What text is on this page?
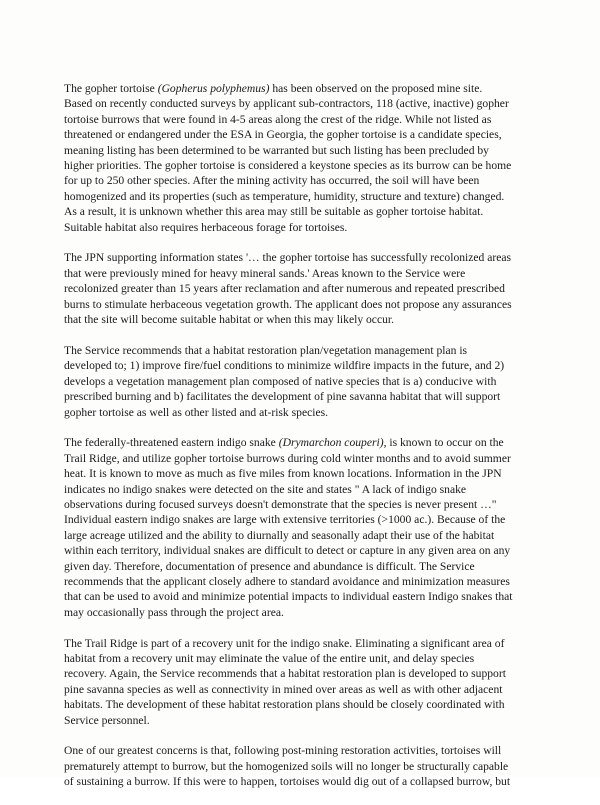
The gopher tortoise (Gopherus polyphemus) has been observed on the proposed mine site.
Based on recently conducted surveys by applicant sub-contractors, 118 (active, inactive) gopher
tortoise burrows that were found in 4-5 areas along the crest of the ridge. While not listed as
threatened or endangered under the ESA in Georgia, the gopher tortoise is a candidate species,
meaning listing has been determined to be warranted but such listing has been precluded by
higher priorities. The gopher tortoise is considered a keystone species as its burrow can be home
for up to 250 other species. After the mining activity has occurred, the soil will have been
homogenized and its properties (such as temperature, humidity, structure and texture) changed.
As a result, it is unknown whether this area may still be suitable as gopher tortoise habitat.
Suitable habitat also requires herbaceous forage for tortoises.

The JPN supporting information states '… the gopher tortoise has successfully recolonized areas
that were previously mined for heavy mineral sands.' Areas known to the Service were
recolonized greater than 15 years after reclamation and after numerous and repeated prescribed
burns to stimulate herbaceous vegetation growth. The applicant does not propose any assurances
that the site will become suitable habitat or when this may likely occur.

The Service recommends that a habitat restoration plan/vegetation management plan is
developed to; 1) improve fire/fuel conditions to minimize wildfire impacts in the future, and 2)
develops a vegetation management plan composed of native species that is a) conducive with
prescribed burning and b) facilitates the development of pine savanna habitat that will support
gopher tortoise as well as other listed and at-risk species.

The federally-threatened eastern indigo snake (Drymarchon couperi), is known to occur on the
Trail Ridge, and utilize gopher tortoise burrows during cold winter months and to avoid summer
heat. It is known to move as much as five miles from known locations. Information in the JPN
indicates no indigo snakes were detected on the site and states " A lack of indigo snake
observations during focused surveys doesn't demonstrate that the species is never present …"
Individual eastern indigo snakes are large with extensive territories (>1000 ac.). Because of the
large acreage utilized and the ability to diurnally and seasonally adapt their use of the habitat
within each territory, individual snakes are difficult to detect or capture in any given area on any
given day. Therefore, documentation of presence and abundance is difficult. The Service
recommends that the applicant closely adhere to standard avoidance and minimization measures
that can be used to avoid and minimize potential impacts to individual eastern Indigo snakes that
may occasionally pass through the project area.

The Trail Ridge is part of a recovery unit for the indigo snake. Eliminating a significant area of
habitat from a recovery unit may eliminate the value of the entire unit, and delay species
recovery. Again, the Service recommends that a habitat restoration plan is developed to support
pine savanna species as well as connectivity in mined over areas as well as with other adjacent
habitats. The development of these habitat restoration plans should be closely coordinated with
Service personnel.

One of our greatest concerns is that, following post-mining restoration activities, tortoises will
prematurely attempt to burrow, but the homogenized soils will no longer be structurally capable
of sustaining a burrow. If this were to happen, tortoises would dig out of a collapsed burrow, but
